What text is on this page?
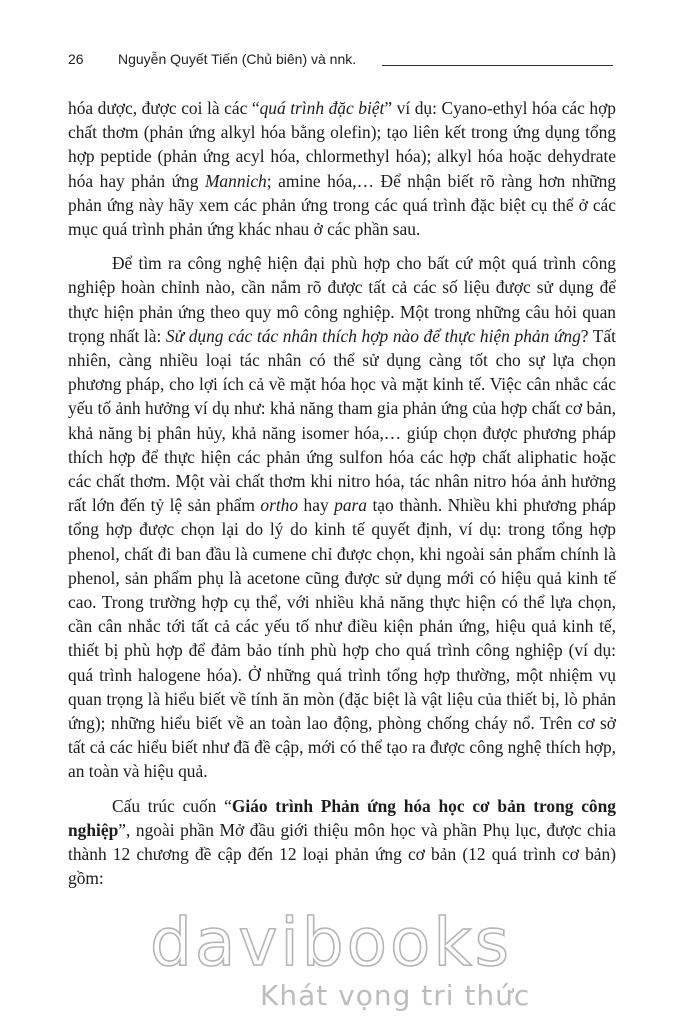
26 Nguyễn Quyết Tiến (Chủ biên) và nnk.

hóa dược, được coi là các “quá trình đặc biệt” ví dụ: Cyano-ethyl hóa các hợp chất thơm (phản ứng alkyl hóa bằng olefin); tạo liên kết trong ứng dụng tổng hợp peptide (phản ứng acyl hóa, chlormethyl hóa); alkyl hóa hoặc dehydrate hóa hay phản ứng Mannich; amine hóa,… Để nhận biết rõ ràng hơn những phản ứng này hãy xem các phản ứng trong các quá trình đặc biệt cụ thể ở các mục quá trình phản ứng khác nhau ở các phần sau.

Để tìm ra công nghệ hiện đại phù hợp cho bất cứ một quá trình công nghiệp hoàn chỉnh nào, cần nắm rõ được tất cả các số liệu được sử dụng để thực hiện phản ứng theo quy mô công nghiệp. Một trong những câu hỏi quan trọng nhất là: Sử dụng các tác nhân thích hợp nào để thực hiện phản ứng? Tất nhiên, càng nhiều loại tác nhân có thể sử dụng càng tốt cho sự lựa chọn phương pháp, cho lợi ích cả về mặt hóa học và mặt kinh tế. Việc cân nhắc các yếu tố ảnh hưởng ví dụ như: khả năng tham gia phản ứng của hợp chất cơ bản, khả năng bị phân hủy, khả năng isomer hóa,… giúp chọn được phương pháp thích hợp để thực hiện các phản ứng sulfon hóa các hợp chất aliphatic hoặc các chất thơm. Một vài chất thơm khi nitro hóa, tác nhân nitro hóa ảnh hưởng rất lớn đến tỷ lệ sản phẩm ortho hay para tạo thành. Nhiều khi phương pháp tổng hợp được chọn lại do lý do kinh tế quyết định, ví dụ: trong tổng hợp phenol, chất đi ban đầu là cumene chỉ được chọn, khi ngoài sản phẩm chính là phenol, sản phẩm phụ là acetone cũng được sử dụng mới có hiệu quả kinh tế cao. Trong trường hợp cụ thể, với nhiều khả năng thực hiện có thể lựa chọn, cần cân nhắc tới tất cả các yếu tố như điều kiện phản ứng, hiệu quả kinh tế, thiết bị phù hợp để đảm bảo tính phù hợp cho quá trình công nghiệp (ví dụ: quá trình halogene hóa). Ở những quá trình tổng hợp thường, một nhiệm vụ quan trọng là hiểu biết về tính ăn mòn (đặc biệt là vật liệu của thiết bị, lò phản ứng); những hiểu biết về an toàn lao động, phòng chống cháy nổ. Trên cơ sở tất cả các hiểu biết như đã đề cập, mới có thể tạo ra được công nghệ thích hợp, an toàn và hiệu quả.

Cấu trúc cuốn “Giáo trình Phản ứng hóa học cơ bản trong công nghiệp”, ngoài phần Mở đầu giới thiệu môn học và phần Phụ lục, được chia thành 12 chương đề cập đến 12 loại phản ứng cơ bản (12 quá trình cơ bản) gồm:

davibooks
Khát vọng tri thức
